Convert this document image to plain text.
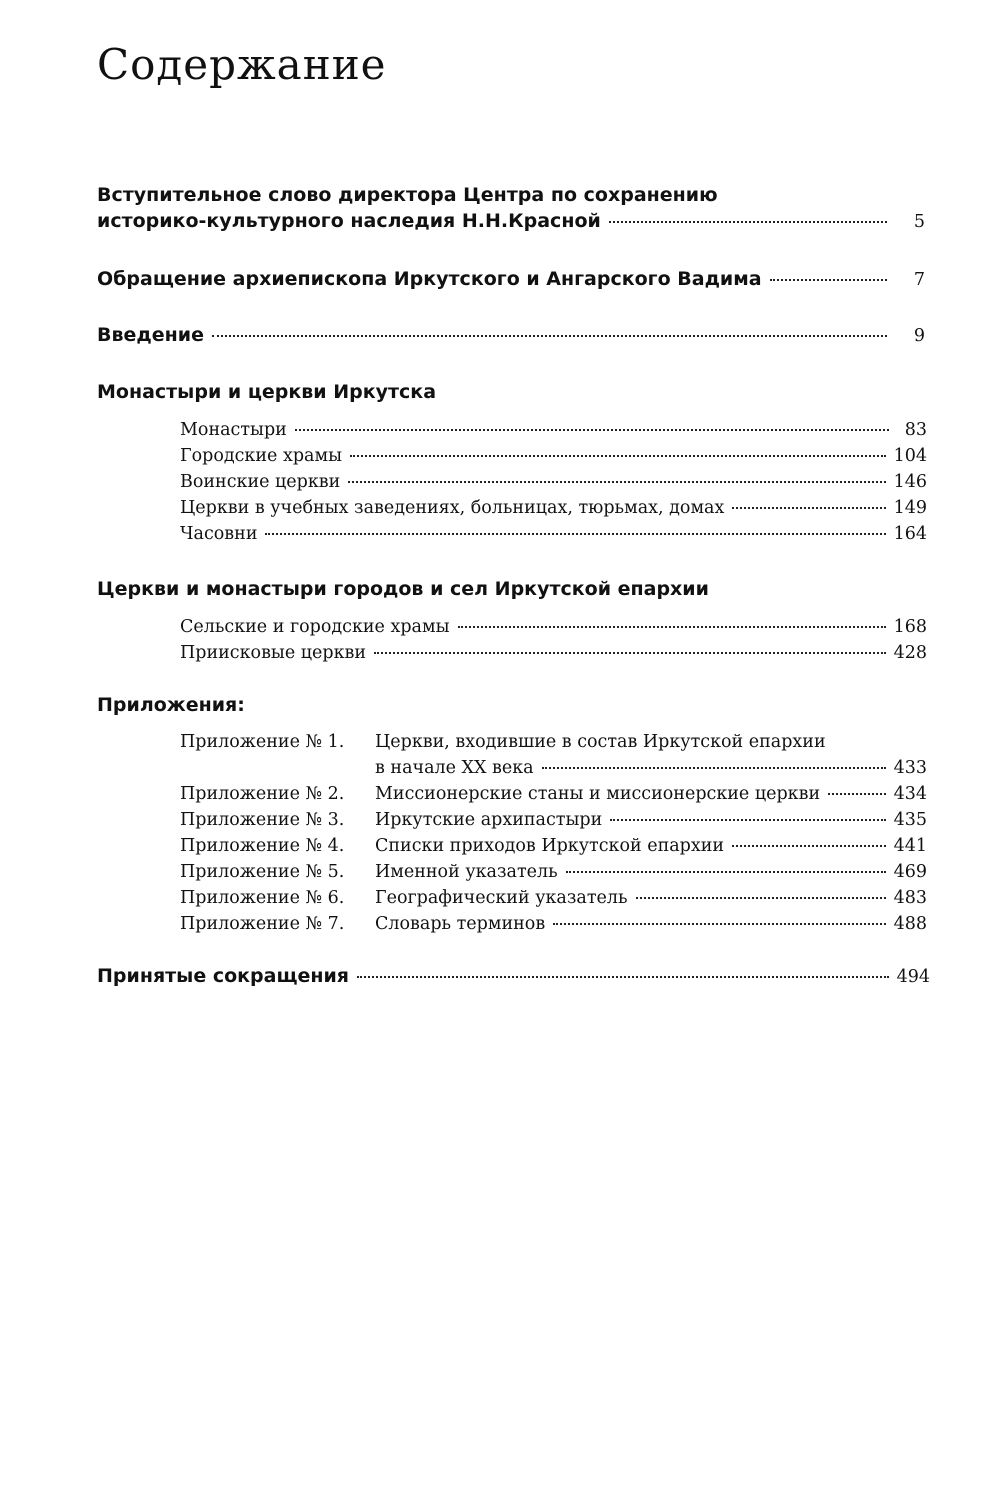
Содержание
Вступительное слово директора Центра по сохранению
историко-культурного наследия Н.Н.Красной	5
Обращение архиепископа Иркутского и Ангарского Вадима	7
Введение	9
Монастыри и церкви Иркутска
Монастыри	83
Городские храмы	104
Воинские церкви	146
Церкви в учебных заведениях, больницах, тюрьмах, домах	149
Часовни	164
Церкви и монастыри городов и сел Иркутской епархии
Сельские и городские храмы	168
Приисковые церкви	428
Приложения:
Приложение № 1. Церкви, входившие в состав Иркутской епархии
в начале XX века	433
Приложение № 2.	Миссионерские станы и миссионерские церкви	434
Приложение № 3.	Иркутские архипастыри	435
Приложение № 4.	Списки приходов Иркутской епархии	441
Приложение № 5.	Именной указатель	469
Приложение № 6.	Географический указатель	483
Приложение № 7.	Словарь терминов	488
Принятые сокращения	494
